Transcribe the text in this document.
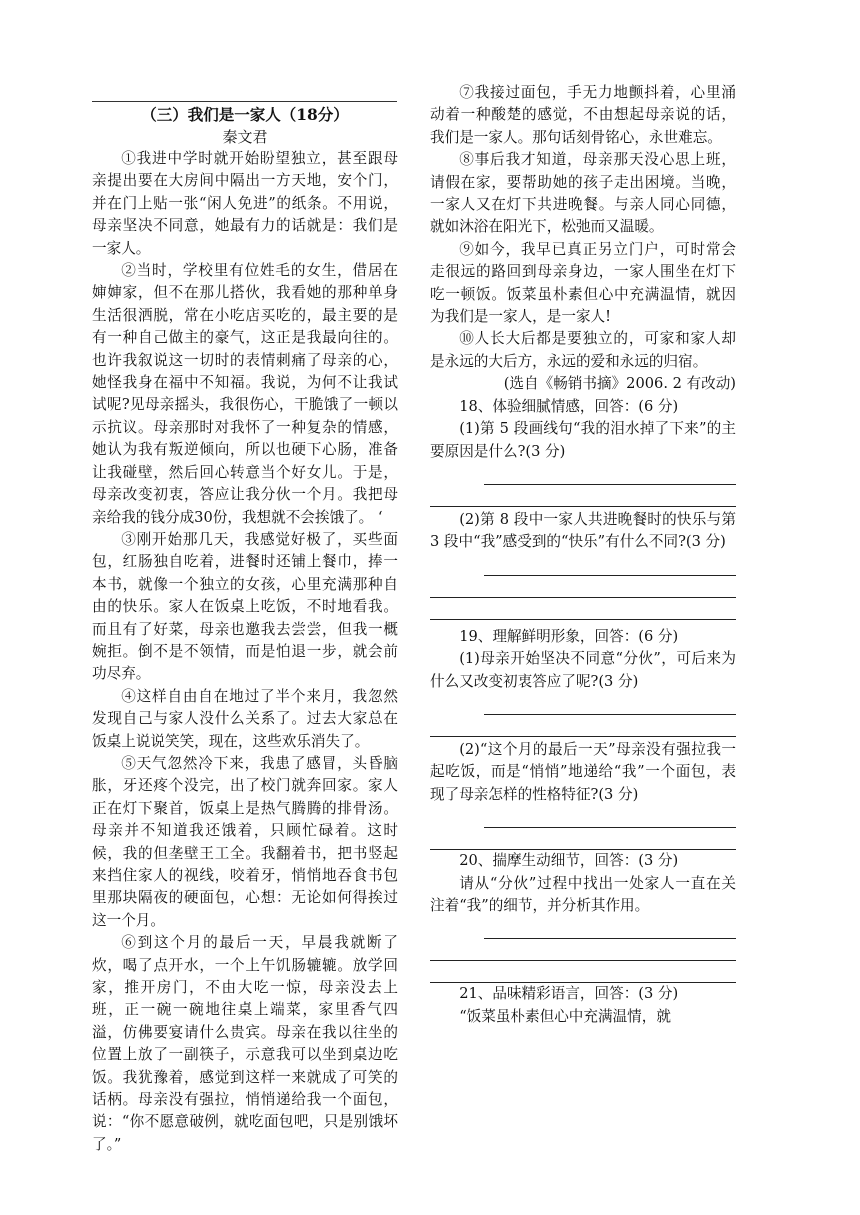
（三）我们是一家人（18分）
秦文君

①我进中学时就开始盼望独立，甚至跟母亲提出要在大房间中隔出一方天地，安个门，并在门上贴一张“闲人免进”的纸条。不用说，母亲坚决不同意，她最有力的话就是：我们是一家人。

②当时，学校里有位姓毛的女生，借居在婶婶家，但不在那儿搭伙，我看她的那种单身生活很洒脱，常在小吃店买吃的，最主要的是有一种自己做主的豪气，这正是我最向往的。也许我叙说这一切时的表情刺痛了母亲的心，她怪我身在福中不知福。我说，为何不让我试试呢?见母亲摇头，我很伤心，干脆饿了一顿以示抗议。母亲那时对我怀了一种复杂的情感，她认为我有叛逆倾向，所以也硬下心肠，准备让我碰壁，然后回心转意当个好女儿。于是，母亲改变初衷，答应让我分伙一个月。我把母亲给我的钱分成30份，我想就不会挨饿了。 ‘

③刚开始那几天，我感觉好极了，买些面包，红肠独自吃着，进餐时还铺上餐巾，捧一本书，就像一个独立的女孩，心里充满那种自由的快乐。家人在饭桌上吃饭，不时地看我。而且有了好菜，母亲也邀我去尝尝，但我一概婉拒。倒不是不领情，而是怕退一步，就会前功尽弃。

④这样自由自在地过了半个来月，我忽然发现自己与家人没什么关系了。过去大家总在饭桌上说说笑笑，现在，这些欢乐消失了。

⑤天气忽然冷下来，我患了感冒，头昏脑胀，牙还疼个没完，出了校门就奔回家。家人正在灯下聚首，饭桌上是热气腾腾的排骨汤。母亲并不知道我还饿着，只顾忙碌着。这时候，我的但垄壁王工全。我翻着书，把书竖起来挡住家人的视线，咬着牙，悄悄地吞食书包里那块隔夜的硬面包，心想：无论如何得挨过这一个月。

⑥到这个月的最后一天，早晨我就断了炊，喝了点开水，一个上午饥肠辘辘。放学回家，推开房门，不由大吃一惊，母亲没去上班，正一碗一碗地往桌上端菜，家里香气四溢，仿佛要宴请什么贵宾。母亲在我以往坐的位置上放了一副筷子，示意我可以坐到桌边吃饭。我犹豫着，感觉到这样一来就成了可笑的话柄。母亲没有强拉，悄悄递给我一个面包，说：“你不愿意破例，就吃面包吧，只是别饿坏了。”

⑦我接过面包，手无力地颤抖着，心里涌动着一种酸楚的感觉，不由想起母亲说的话，我们是一家人。那句话刻骨铭心，永世难忘。

⑧事后我才知道，母亲那天没心思上班，请假在家，要帮助她的孩子走出困境。当晚，一家人又在灯下共进晚餐。与亲人同心同德，就如沐浴在阳光下，松弛而又温暖。

⑨如今，我早已真正另立门户，可时常会走很远的路回到母亲身边，一家人围坐在灯下吃一顿饭。饭菜虽朴素但心中充满温情，就因为我们是一家人，是一家人!

⑩人长大后都是要独立的，可家和家人却是永远的大后方，永远的爱和永远的归宿。

(选自《畅销书摘》2006. 2 有改动)

18、体验细腻情感，回答：(6 分)

(1)第 5 段画线句“我的泪水掉了下来”的主要原因是什么?(3 分)

(2)第 8 段中一家人共进晚餐时的快乐与第 3 段中“我”感受到的“快乐”有什么不同?(3 分)

19、理解鲜明形象，回答：(6 分)

(1)母亲开始坚决不同意“分伙”，可后来为什么又改变初衷答应了呢?(3 分)

(2)“这个月的最后一天”母亲没有强拉我一起吃饭，而是“悄悄”地递给“我”一个面包，表现了母亲怎样的性格特征?(3 分)

20、揣摩生动细节，回答：(3 分)

请从“分伙”过程中找出一处家人一直在关注着“我”的细节，并分析其作用。

21、品味精彩语言，回答：(3 分)

“饭菜虽朴素但心中充满温情，就
